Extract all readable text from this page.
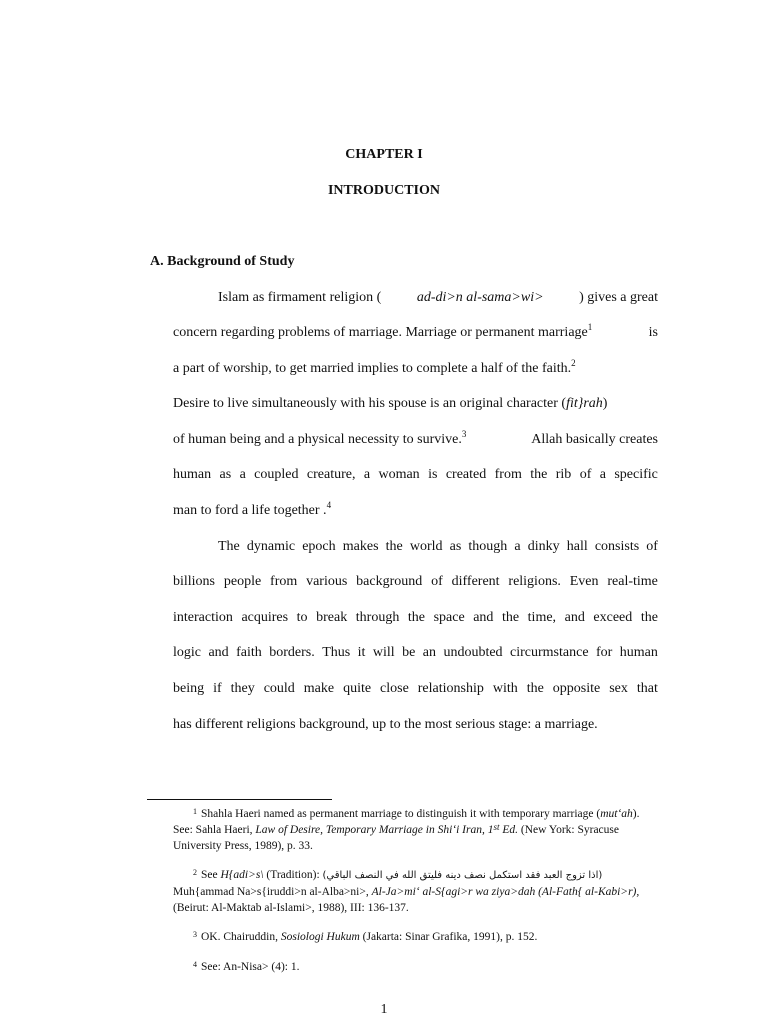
CHAPTER I
INTRODUCTION
A. Background of Study
Islam as firmament religion (	ad-di>n al-sama>wi>	) gives a great
concern regarding problems of marriage. Marriage or permanent marriage$^1$	is
a part of worship, to get married implies to complete a half of the faith.$^2$
Desire to live simultaneously with his spouse is an original character (fit}rah)
of human being and a physical necessity to survive.$^3$	Allah basically creates
human as a coupled creature, a woman is created from the rib of a specific
man to ford a life together .$^4$
The dynamic epoch makes the world as though a dinky hall consists of
billions people from various background of different religions. Even real-time
interaction acquires to break through the space and the time, and exceed the
logic and faith borders. Thus it will be an undoubted circurmstance for human
being if they could make quite close relationship with the opposite sex that
has different religions background, up to the most serious stage: a marriage.
$^1$ Shahla Haeri named as permanent marriage to distinguish it with temporary marriage (mut‘ah). See: Sahla Haeri, Law of Desire, Temporary Marriage in Shi‘i Iran, 1st Ed. (New York: Syracuse University Press, 1989), p. 33.
$^2$ See H{adi>s\ (Tradition): (اذا تزوج العبد فقد استكمل نصف دينه فليتق الله في النصف الباقي) Muh{ammad Na>s{iruddi>n al-Alba>ni>, Al-Ja>mi‘ al-S{agi>r wa ziya>dah (Al-Fath{ al-Kabi>r), (Beirut: Al-Maktab al-Islami>, 1988), III: 136-137.
$^3$ OK. Chairuddin, Sosiologi Hukum (Jakarta: Sinar Grafika, 1991), p. 152.
$^4$ See: An-Nisa> (4): 1.
1
